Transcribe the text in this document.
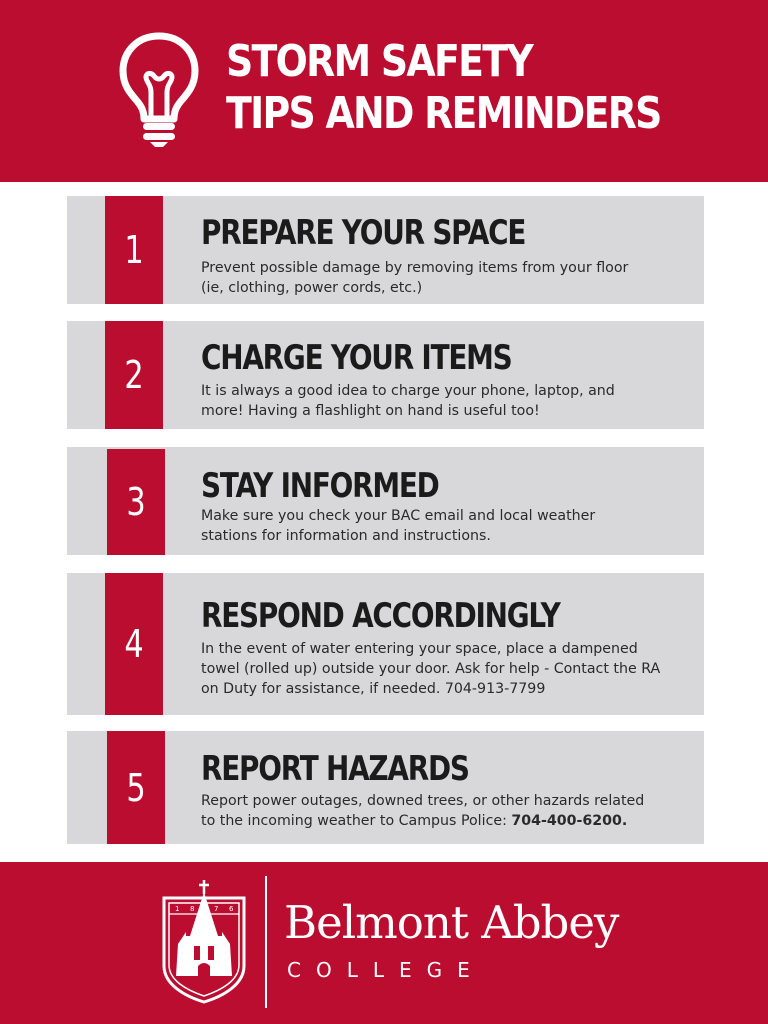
STORM SAFETY
TIPS AND REMINDERS
1 PREPARE YOUR SPACE
Prevent possible damage by removing items from your floor
(ie, clothing, power cords, etc.)
2 CHARGE YOUR ITEMS
It is always a good idea to charge your phone, laptop, and
more! Having a flashlight on hand is useful too!
3 STAY INFORMED
Make sure you check your BAC email and local weather
stations for information and instructions.
4
RESPOND ACCORDINGLY
In the event of water entering your space, place a dampened
towel (rolled up) outside your door. Ask for help - Contact the RA
on Duty for assistance, if needed. 704-913-7799
5 REPORT HAZARDS
Report power outages, downed trees, or other hazards related
to the incoming weather to Campus Police: 704-400-6200.
1 8	7 6 Belmont Abbey
COLLEGE
